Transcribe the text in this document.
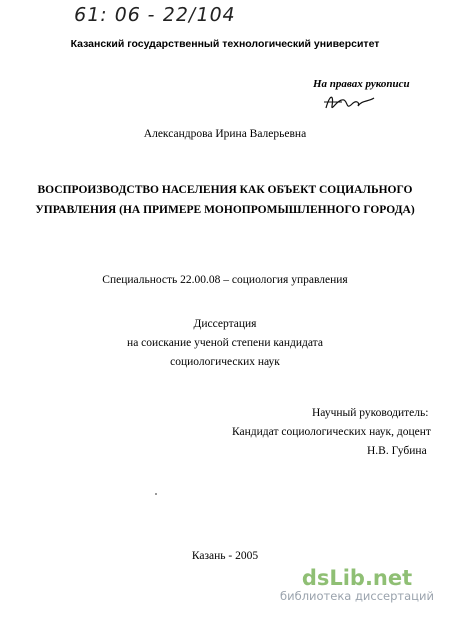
61: 06 - 22/104
Казанский государственный технологический университет
На правах рукописи
Александрова Ирина Валерьевна
ВОСПРОИЗВОДСТВО НАСЕЛЕНИЯ КАК ОБЪЕКТ СОЦИАЛЬНОГО
УПРАВЛЕНИЯ (НА ПРИМЕРЕ МОНОПРОМЫШЛЕННОГО ГОРОДА)
Специальность 22.00.08 – социология управления
Диссертация
на соискание ученой степени кандидата
социологических наук
Научный руководитель:
Кандидат социологических наук, доцент
Н.В. Губина
Казань - 2005
dsLib.net
библиотека диссертаций
